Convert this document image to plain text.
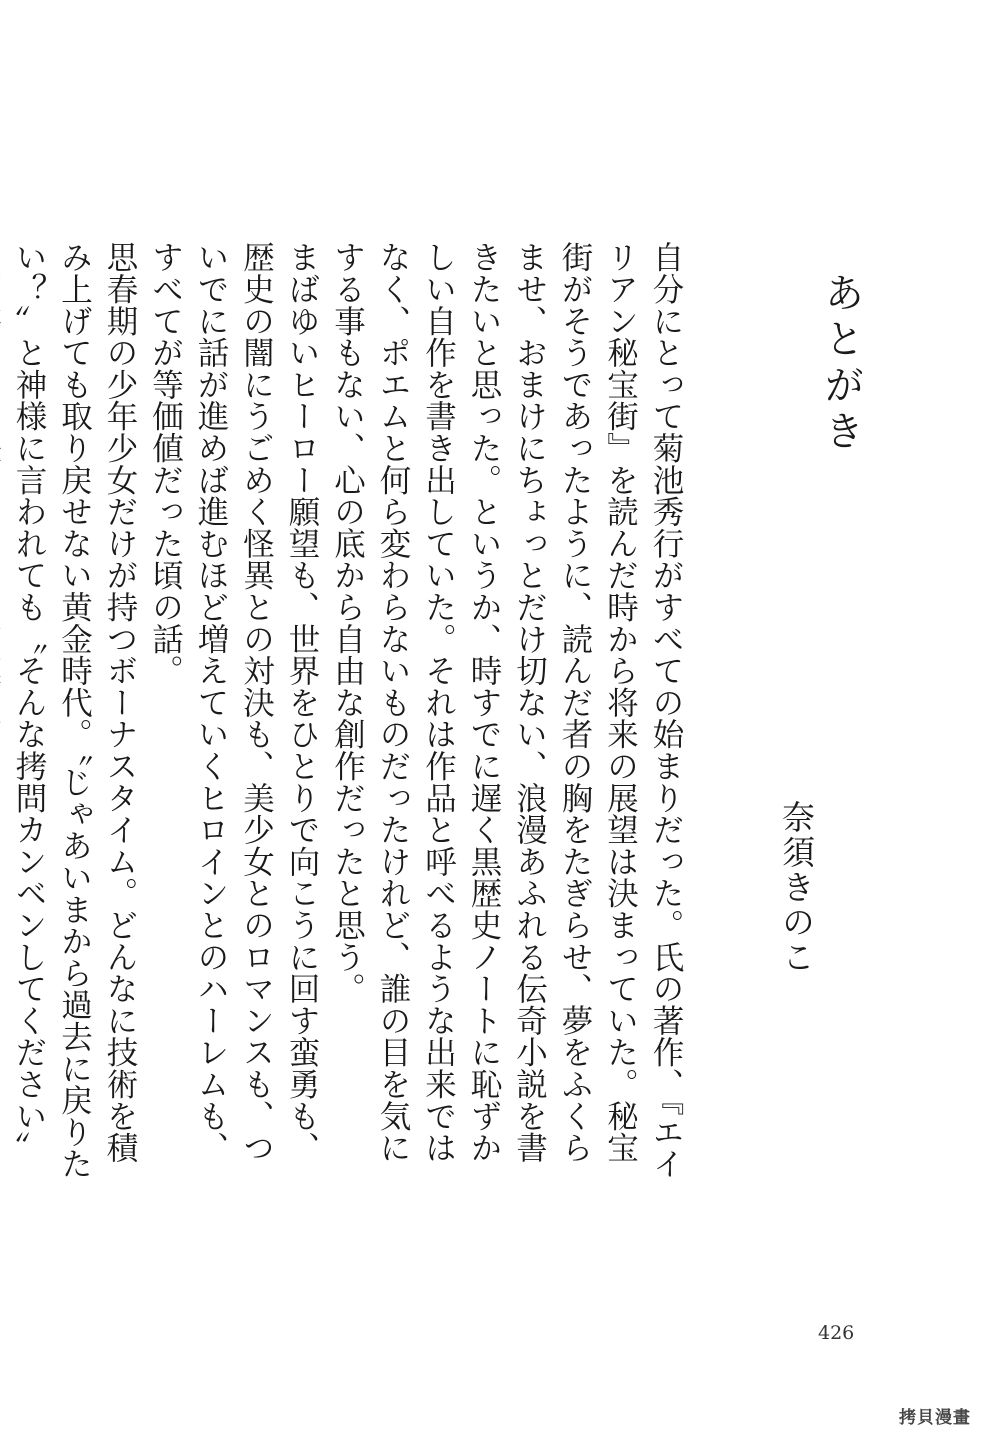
あとがき
奈須きのこ

自分にとって菊池秀行がすべての始まりだった。氏の著作、『エイリアン秘宝街』を読んだ時から将来の展望は決まっていた。秘宝街がそうであったように、読んだ者の胸をたぎらせ、夢をふくらませ、おまけにちょっとだけ切ない、浪漫あふれる伝奇小説を書きたいと思った。というか、時すでに遅く黒歴史ノートに恥ずかしい自作を書き出していた。それは作品と呼べるような出来ではなく、ポエムと何ら変わらないものだったけれど、誰の目を気にする事もない、心の底から自由な創作だったと思う。

まばゆいヒーロー願望も、世界をひとりで向こうに回す蛮勇も、歴史の闇にうごめく怪異との対決も、美少女とのロマンスも、ついでに話が進めば進むほど増えていくヒロインとのハーレムも、すべてが等価値だった頃の話。

思春期の少年少女だけが持つボーナスタイム。どんなに技術を積み上げても取り戻せない黄金時代。〝じゃあいまから過去に戻りたい？〟と神様に言われても〝そんな拷問カンベンしてください〟

426
拷貝漫畫
